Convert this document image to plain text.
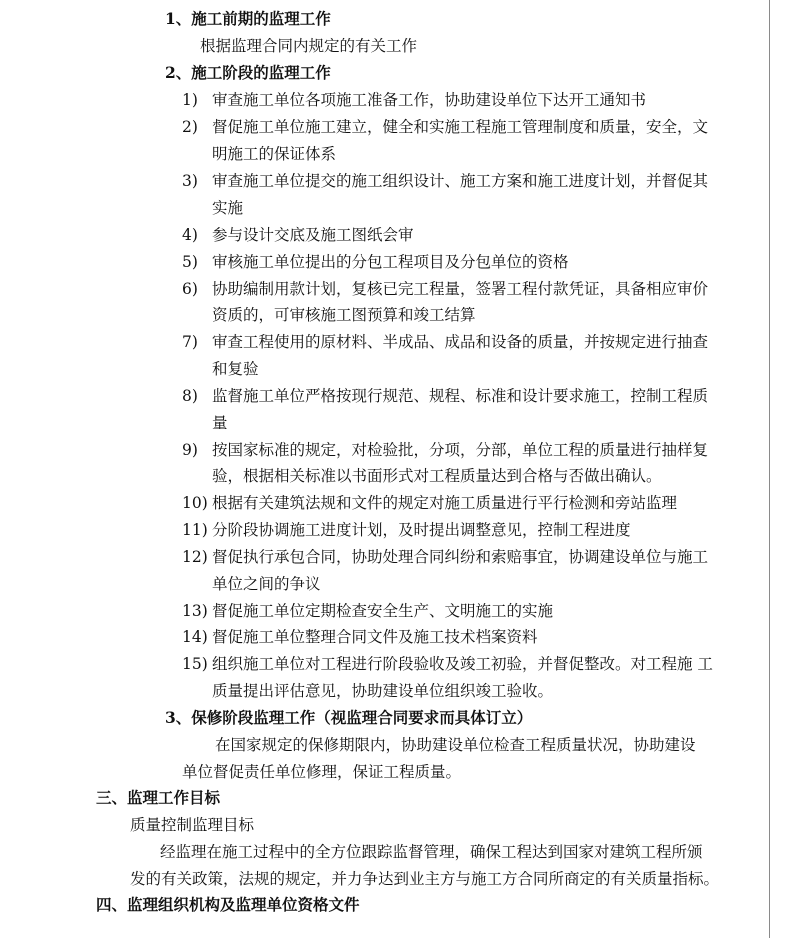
1、施工前期的监理工作
根据监理合同内规定的有关工作
2、施工阶段的监理工作
1) 审查施工单位各项施工准备工作，协助建设单位下达开工通知书
2) 督促施工单位施工建立，健全和实施工程施工管理制度和质量，安全，文
明施工的保证体系
3) 审查施工单位提交的施工组织设计、施工方案和施工进度计划，并督促其
实施
4) 参与设计交底及施工图纸会审
5) 审核施工单位提出的分包工程项目及分包单位的资格
6) 协助编制用款计划，复核已完工程量，签署工程付款凭证，具备相应审价
资质的，可审核施工图预算和竣工结算
7) 审查工程使用的原材料、半成品、成品和设备的质量，并按规定进行抽查
和复验
8) 监督施工单位严格按现行规范、规程、标准和设计要求施工，控制工程质
量
9) 按国家标准的规定，对检验批，分项，分部，单位工程的质量进行抽样复
验，根据相关标准以书面形式对工程质量达到合格与否做出确认。
10) 根据有关建筑法规和文件的规定对施工质量进行平行检测和旁站监理
11) 分阶段协调施工进度计划，及时提出调整意见，控制工程进度
12) 督促执行承包合同，协助处理合同纠纷和索赔事宜，协调建设单位与施工
单位之间的争议
13) 督促施工单位定期检查安全生产、文明施工的实施
14) 督促施工单位整理合同文件及施工技术档案资料
15) 组织施工单位对工程进行阶段验收及竣工初验，并督促整改。对工程施 工
质量提出评估意见，协助建设单位组织竣工验收。
3、保修阶段监理工作（视监理合同要求而具体订立）
在国家规定的保修期限内，协助建设单位检查工程质量状况，协助建设
单位督促责任单位修理，保证工程质量。
三、监理工作目标
质量控制监理目标
经监理在施工过程中的全方位跟踪监督管理，确保工程达到国家对建筑工程所颁
发的有关政策，法规的规定，并力争达到业主方与施工方合同所商定的有关质量指标。
四、监理组织机构及监理单位资格文件
